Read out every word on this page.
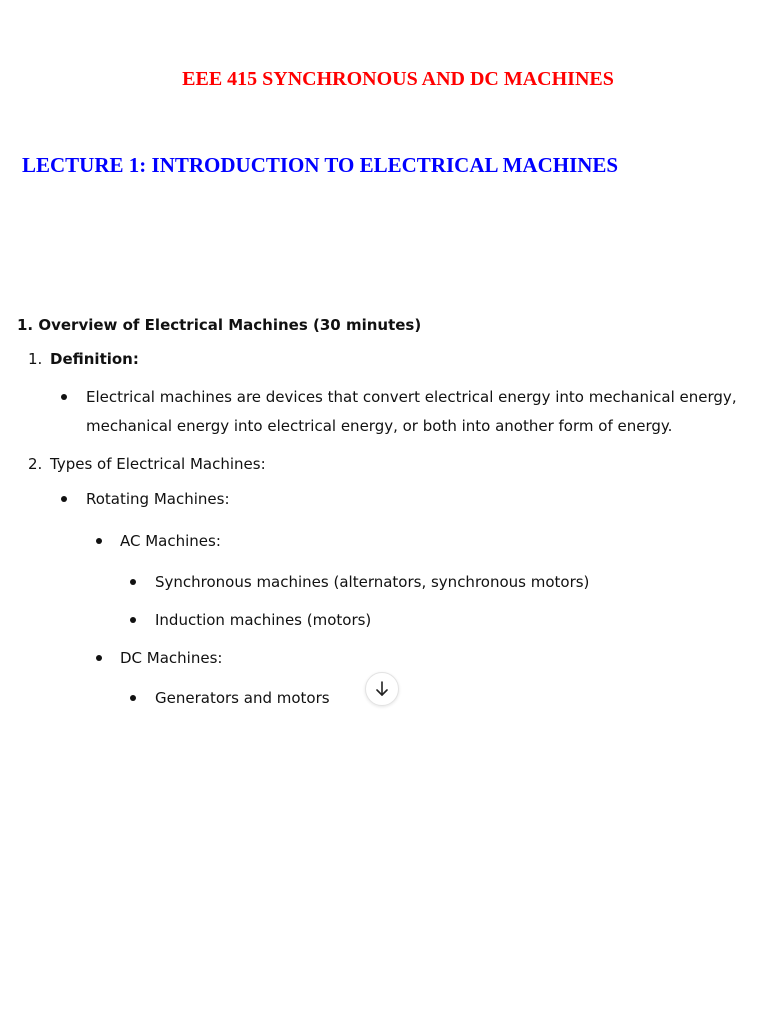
EEE 415 SYNCHRONOUS AND DC MACHINES
LECTURE 1: INTRODUCTION TO ELECTRICAL MACHINES
1. Overview of Electrical Machines (30 minutes)
1. Definition:
Electrical machines are devices that convert electrical energy into mechanical energy,
mechanical energy into electrical energy, or both into another form of energy.
2. Types of Electrical Machines:
Rotating Machines:
AC Machines:
Synchronous machines (alternators, synchronous motors)
Induction machines (motors)
DC Machines:
Generators and motors
